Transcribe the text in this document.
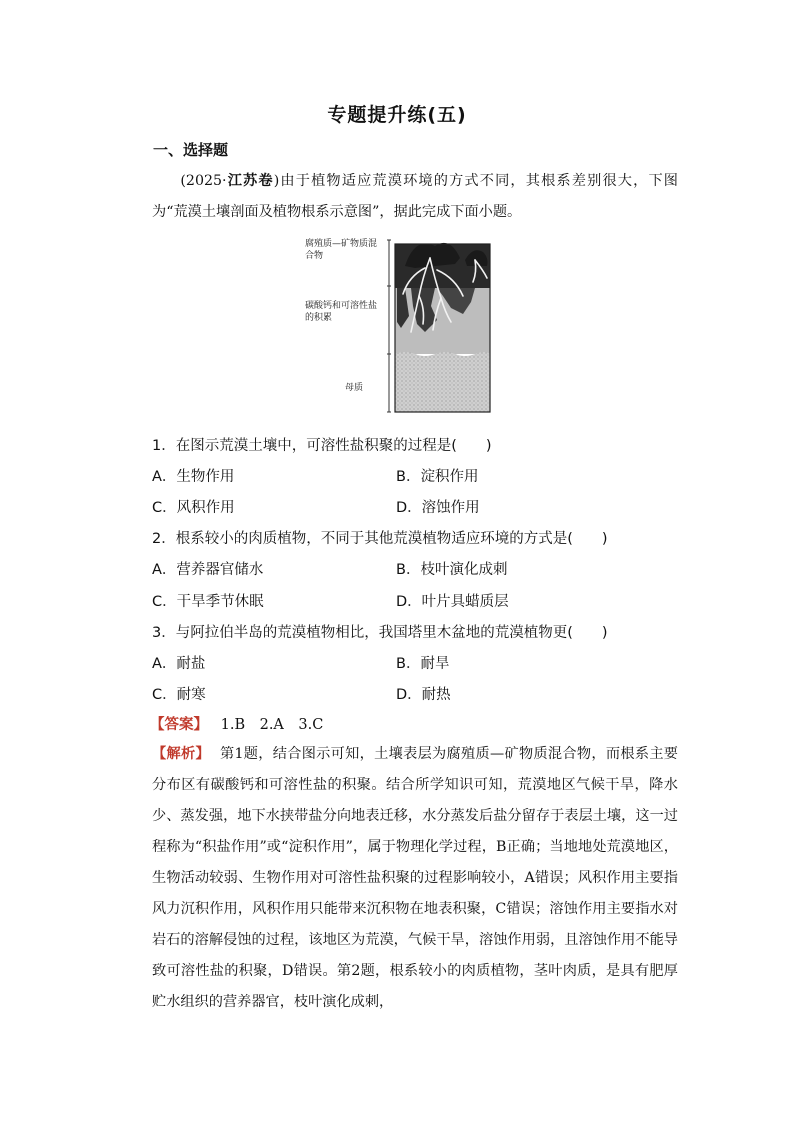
专题提升练(五)
一、选择题
(2025·江苏卷)由于植物适应荒漠环境的方式不同，其根系差别很大，下图为“荒漠土壤剖面及植物根系示意图”，据此完成下面小题。
腐殖质—矿物质混合物
碳酸钙和可溶性盐的积累
母质
1．在图示荒漠土壤中，可溶性盐积聚的过程是(　　)
A．生物作用	B．淀积作用
C．风积作用	D．溶蚀作用
2．根系较小的肉质植物，不同于其他荒漠植物适应环境的方式是(　　)
A．营养器官储水	B．枝叶演化成刺
C．干旱季节休眠	D．叶片具蜡质层
3．与阿拉伯半岛的荒漠植物相比，我国塔里木盆地的荒漠植物更(　　)
A．耐盐	B．耐旱
C．耐寒	D．耐热
【答案】 1.B　2.A　3.C
【解析】 第1题，结合图示可知，土壤表层为腐殖质—矿物质混合物，而根系主要分布区有碳酸钙和可溶性盐的积聚。结合所学知识可知，荒漠地区气候干旱，降水少、蒸发强，地下水挟带盐分向地表迁移，水分蒸发后盐分留存于表层土壤，这一过程称为“积盐作用”或“淀积作用”，属于物理化学过程，B正确；当地地处荒漠地区，生物活动较弱、生物作用对可溶性盐积聚的过程影响较小，A错误；风积作用主要指风力沉积作用，风积作用只能带来沉积物在地表积聚，C错误；溶蚀作用主要指水对岩石的溶解侵蚀的过程，该地区为荒漠，气候干旱，溶蚀作用弱，且溶蚀作用不能导致可溶性盐的积聚，D错误。第2题，根系较小的肉质植物，茎叶肉质，是具有肥厚贮水组织的营养器官，枝叶演化成刺，
